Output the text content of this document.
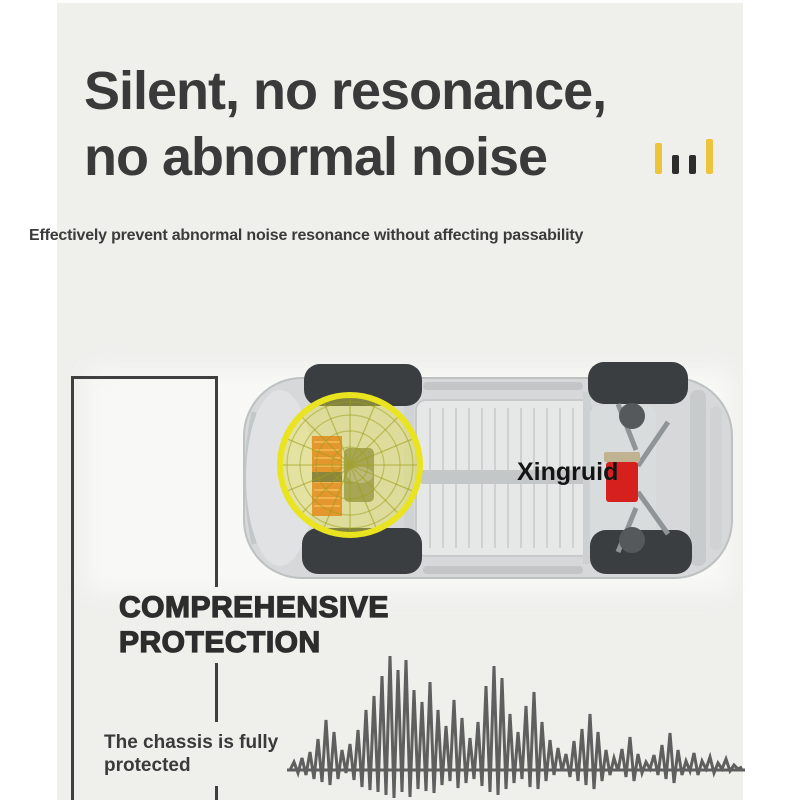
Silent, no resonance,
no abnormal noise
Effectively prevent abnormal noise resonance without affecting passability
Xingruid
COMPREHENSIVE
PROTECTION
The chassis is fully
protected
